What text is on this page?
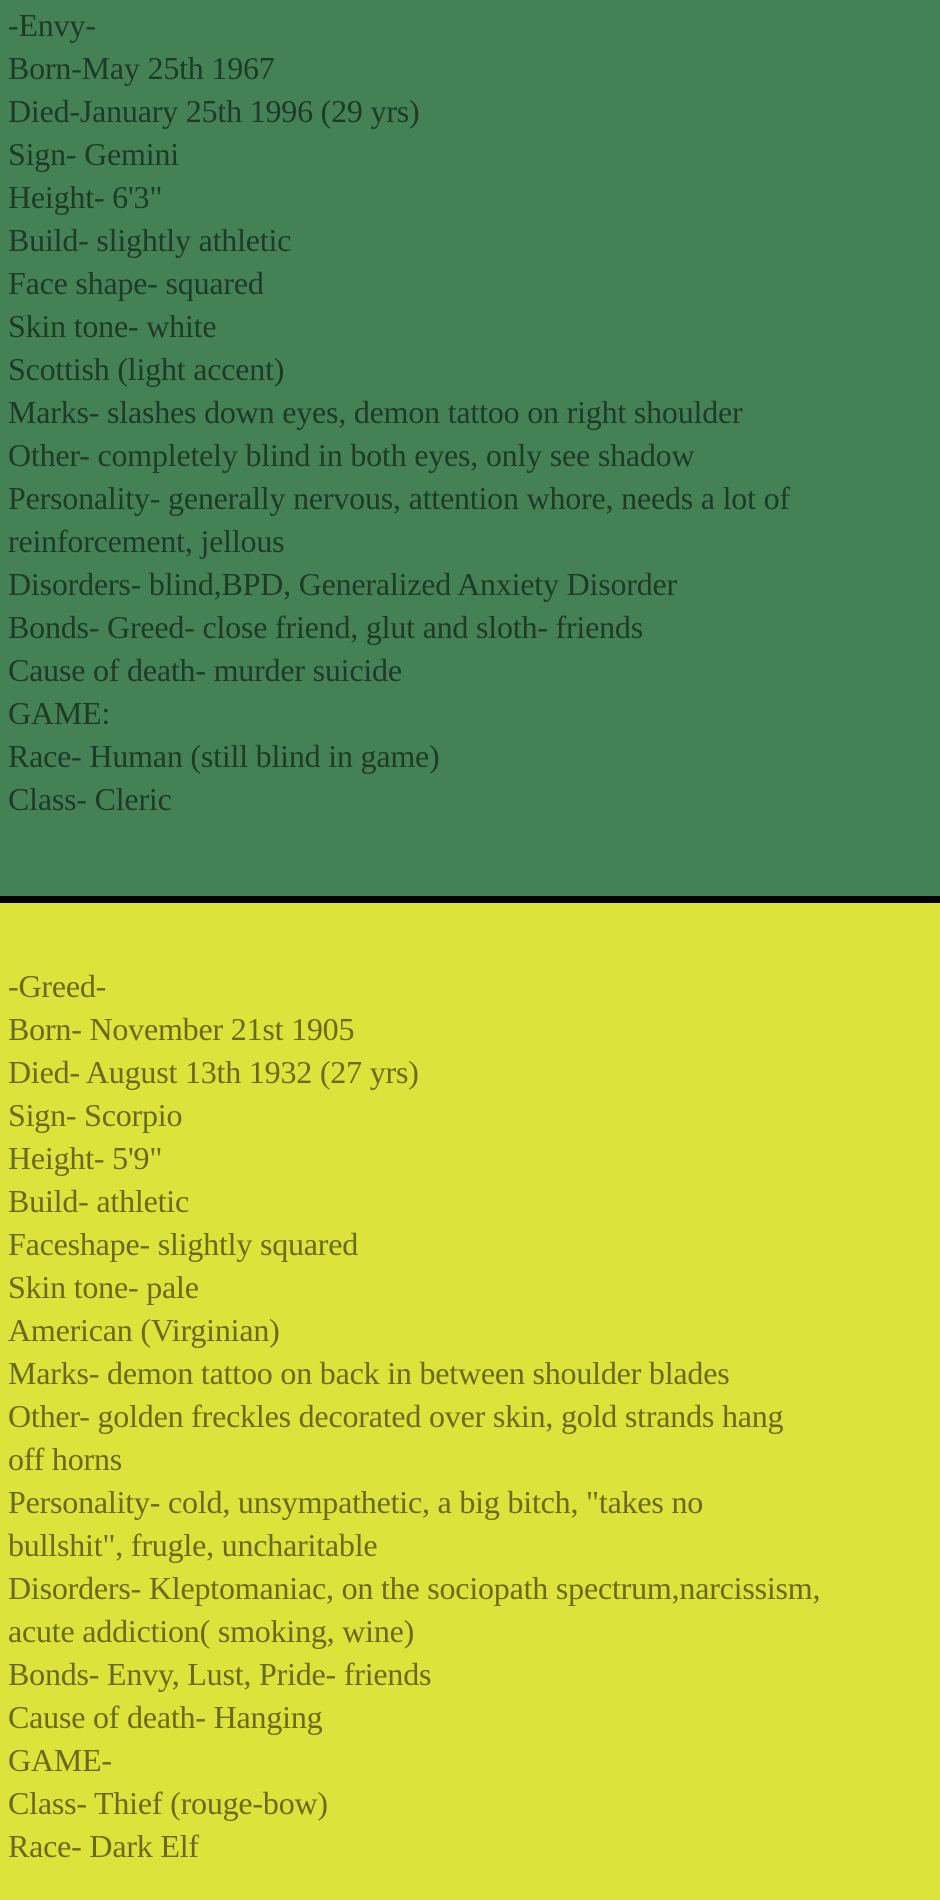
-Envy-
Born-May 25th 1967
Died-January 25th 1996 (29 yrs)
Sign- Gemini
Height- 6'3"
Build- slightly athletic
Face shape- squared
Skin tone- white
Scottish (light accent)
Marks- slashes down eyes, demon tattoo on right shoulder
Other- completely blind in both eyes, only see shadow
Personality- generally nervous, attention whore, needs a lot of
reinforcement, jellous
Disorders- blind,BPD, Generalized Anxiety Disorder
Bonds- Greed- close friend, glut and sloth- friends
Cause of death- murder suicide
GAME:
Race- Human (still blind in game)
Class- Cleric
-Greed-
Born- November 21st 1905
Died- August 13th 1932 (27 yrs)
Sign- Scorpio
Height- 5'9"
Build- athletic
Faceshape- slightly squared
Skin tone- pale
American (Virginian)
Marks- demon tattoo on back in between shoulder blades
Other- golden freckles decorated over skin, gold strands hang
off horns
Personality- cold, unsympathetic, a big bitch, "takes no
bullshit", frugle, uncharitable
Disorders- Kleptomaniac, on the sociopath spectrum,narcissism,
acute addiction( smoking, wine)
Bonds- Envy, Lust, Pride- friends
Cause of death- Hanging
GAME-
Class- Thief (rouge-bow)
Race- Dark Elf
